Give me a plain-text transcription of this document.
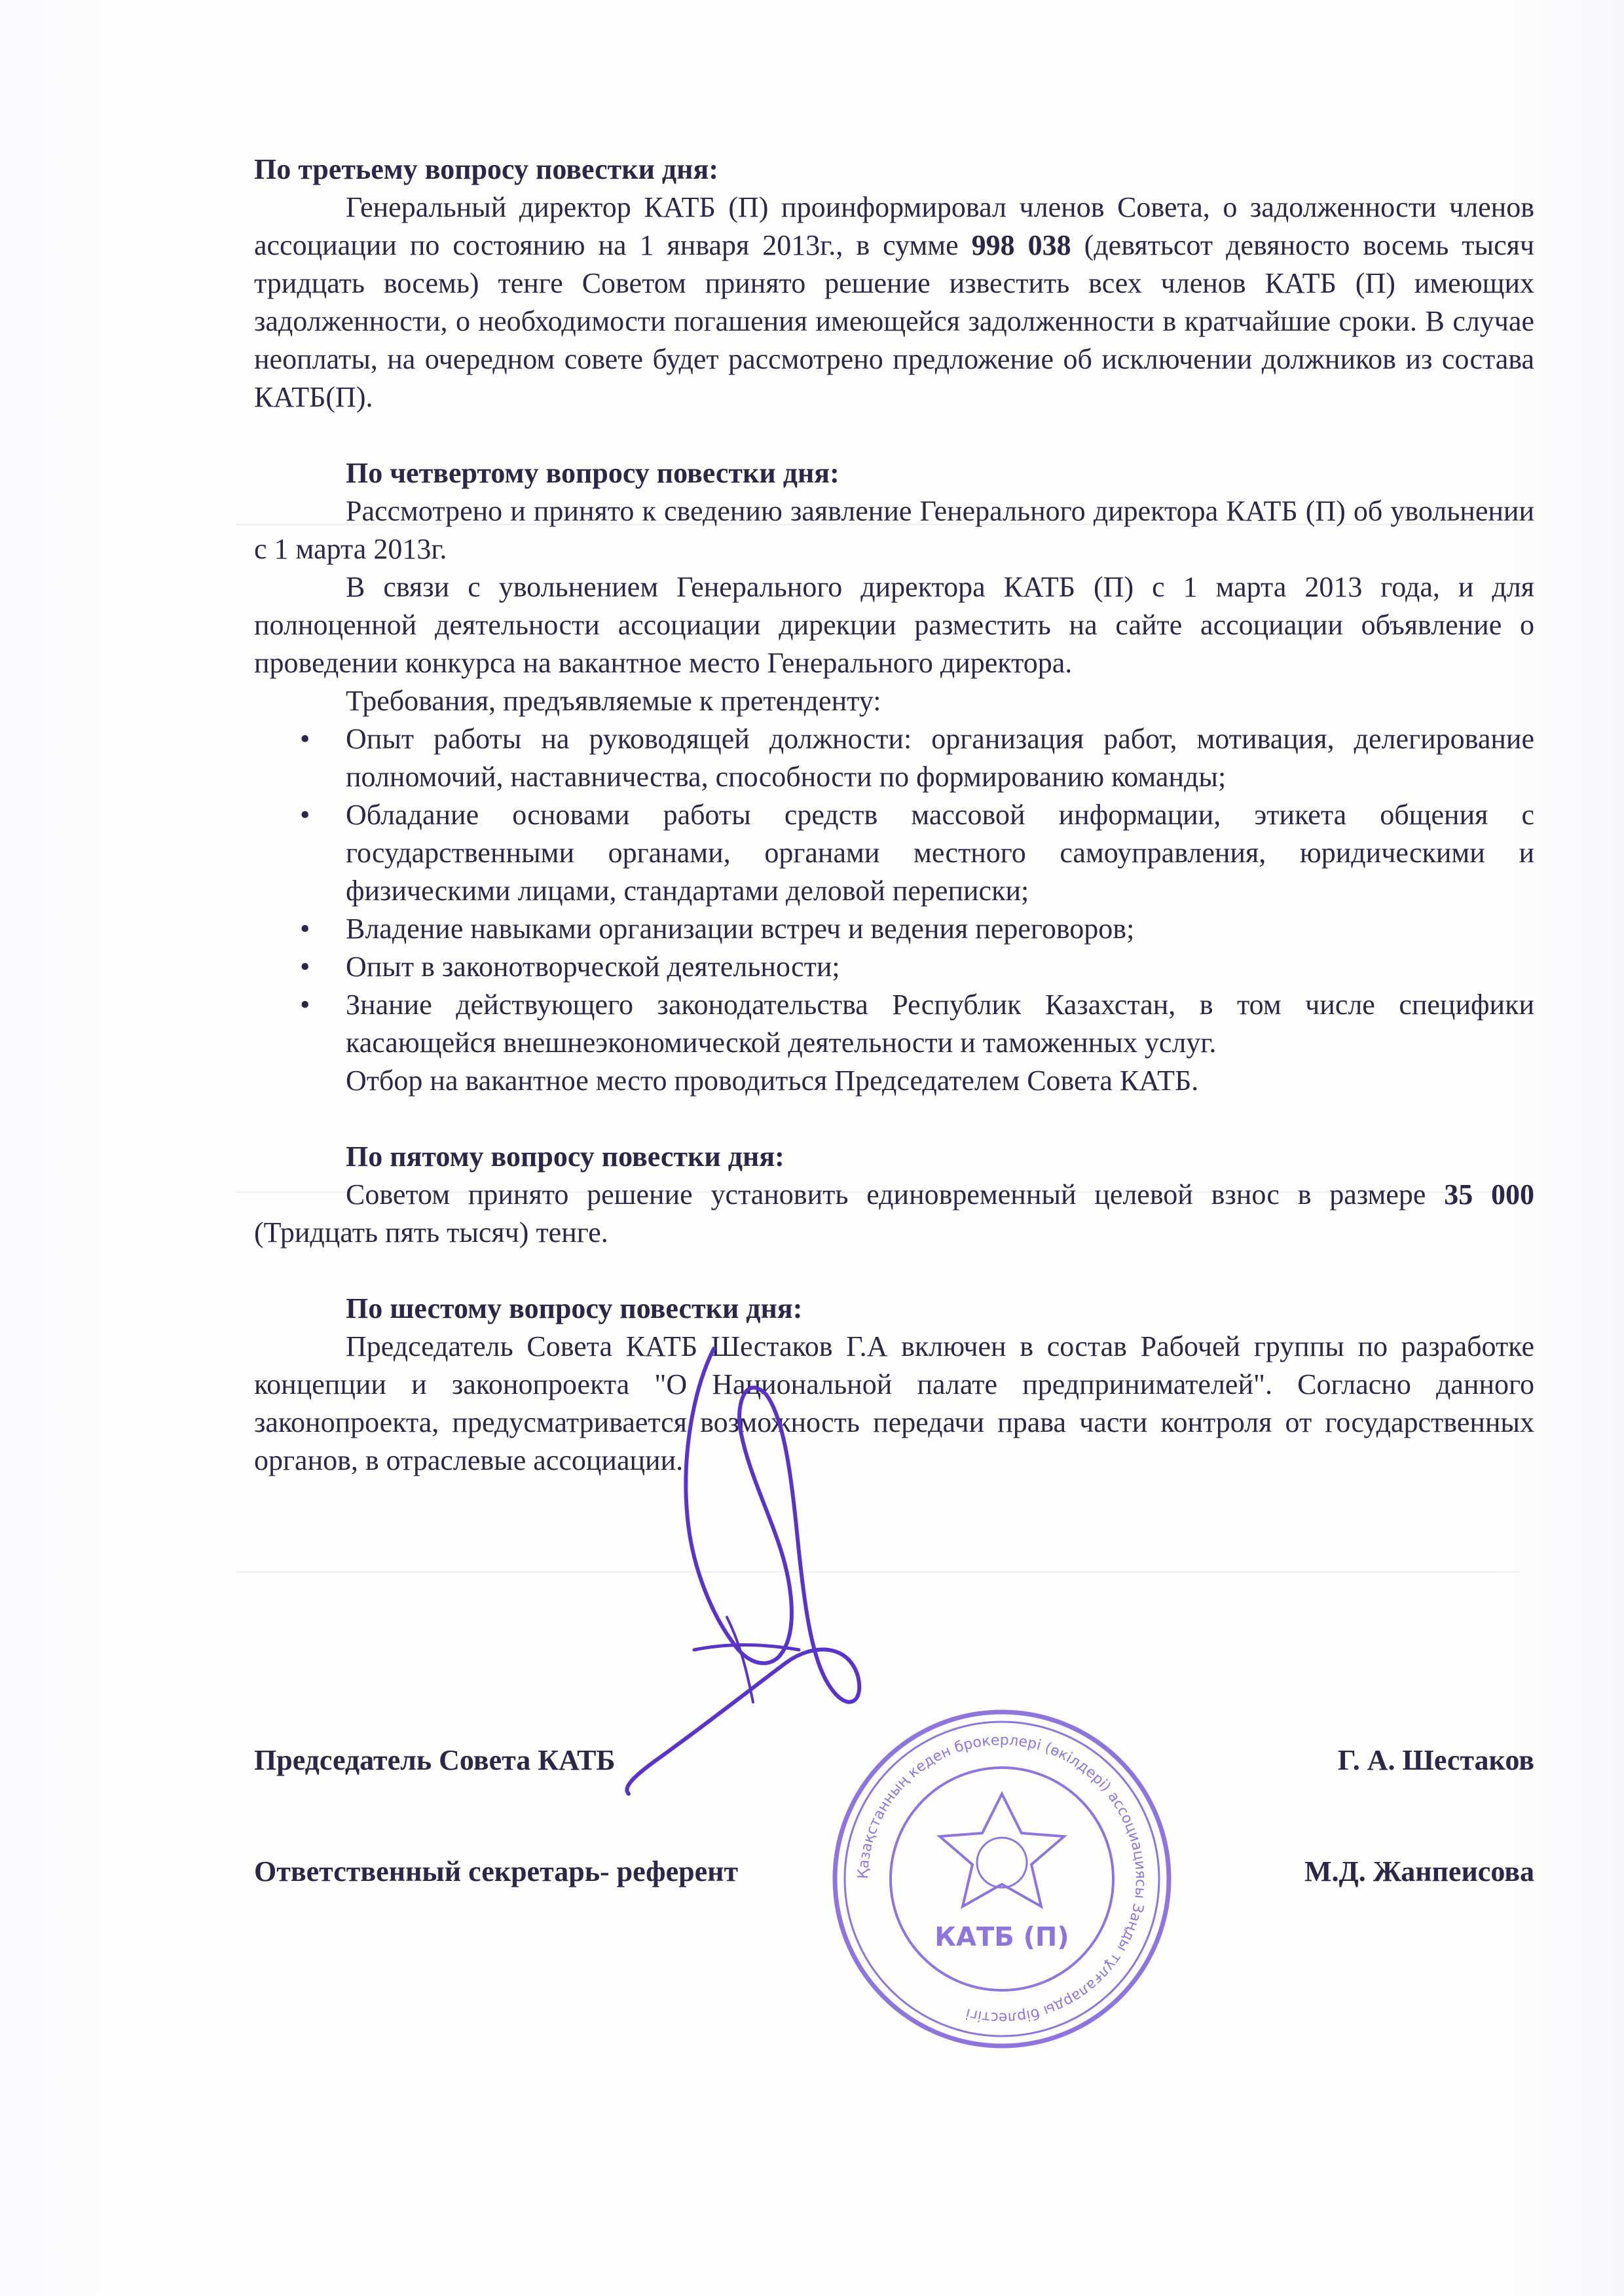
По третьему вопросу повестки дня:

Генеральный директор КАТБ (П) проинформировал членов Совета, о задолженности членов ассоциации по состоянию на 1 января 2013г., в сумме 998 038 (девятьсот девяносто восемь тысяч тридцать восемь) тенге Советом принято решение известить всех членов КАТБ (П) имеющих задолженности, о необходимости погашения имеющейся задолженности в кратчайшие сроки. В случае неоплаты, на очередном совете будет рассмотрено предложение об исключении должников из состава КАТБ(П).

По четвертому вопросу повестки дня:

Рассмотрено и принято к сведению заявление Генерального директора КАТБ (П) об увольнении с 1 марта 2013г.

В связи с увольнением Генерального директора КАТБ (П) с 1 марта 2013 года, и для полноценной деятельности ассоциации дирекции разместить на сайте ассоциации объявление о проведении конкурса на вакантное место Генерального директора.

Требования, предъявляемые к претенденту:

• Опыт работы на руководящей должности: организация работ, мотивация, делегирование полномочий, наставничества, способности по формированию команды;
• Обладание основами работы средств массовой информации, этикета общения с государственными органами, органами местного самоуправления, юридическими и физическими лицами, стандартами деловой переписки;
• Владение навыками организации встреч и ведения переговоров;
• Опыт в законотворческой деятельности;
• Знание действующего законодательства Республик Казахстан, в том числе специфики касающейся внешнеэкономической деятельности и таможенных услуг.

Отбор на вакантное место проводиться Председателем Совета КАТБ.

По пятому вопросу повестки дня:

Советом принято решение установить единовременный целевой взнос в размере 35 000 (Тридцать пять тысяч) тенге.

По шестому вопросу повестки дня:

Председатель Совета КАТБ Шестаков Г.А включен в состав Рабочей группы по разработке концепции и законопроекта "О Национальной палате предпринимателей". Согласно данного законопроекта, предусматривается возможность передачи права части контроля от государственных органов, в отраслевые ассоциации.

Председатель Совета КАТБ	Г. А. Шестаков
Ответственный секретарь- референт	М.Д. Жанпеисова
Қазақстанның кеден брокерлері (өкілдері) ассоциациясы Заңды тұлғаларды бірлестігі
КАТБ (П)
